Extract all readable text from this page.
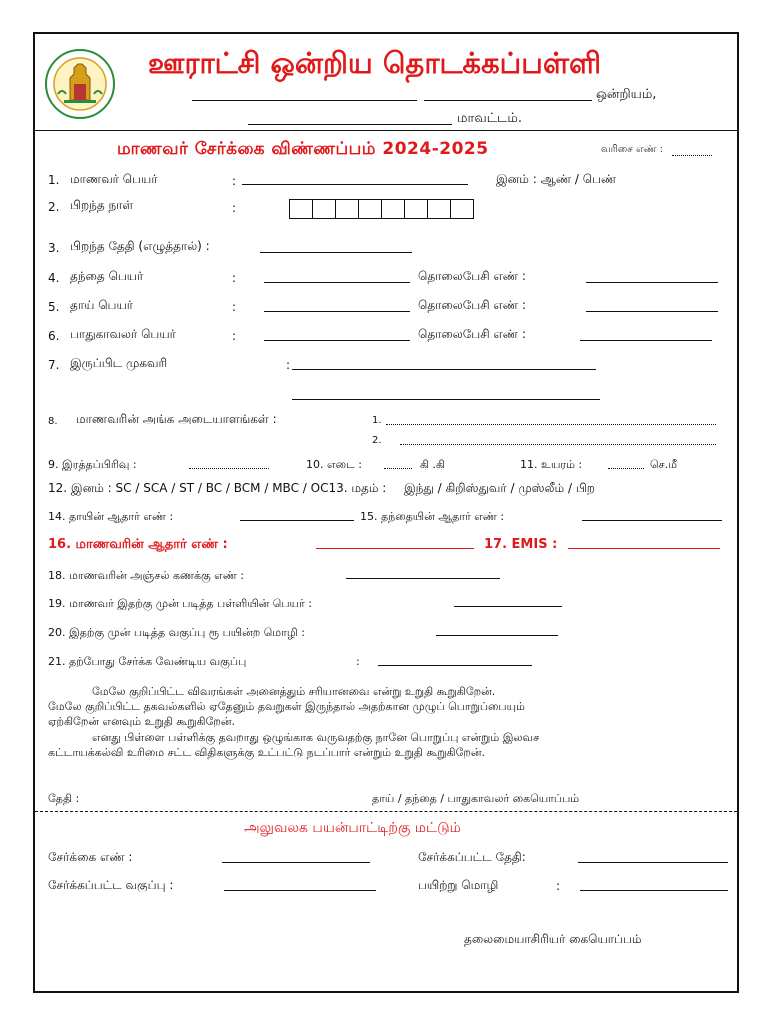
ஊராட்சி ஒன்றிய தொடக்கப்பள்ளி
ஒன்றியம்,
மாவட்டம்.
மாணவர் சேர்க்கை விண்ணப்பம் 2024-2025	வரிசை எண் :
1. மாணவர் பெயர்	:	இனம் : ஆண் / பெண்
2. பிறந்த நாள்	:
3. பிறந்த தேதி (எழுத்தால்) :
4. தந்தை பெயர்	:	தொலைபேசி எண் :
5. தாய் பெயர்	:	தொலைபேசி எண் :
6. பாதுகாவலர் பெயர்	:	தொலைபேசி எண் :
7. இருப்பிட முகவரி	:
8. மாணவரின் அங்க அடையாளங்கள் :	1.
2.
9. இரத்தப்பிரிவு :	10. எடை :	கி .கி	11. உயரம் :	செ.மீ
12. இனம் : SC / SCA / ST / BC / BCM / MBC / OC13. மதம் : இந்து / கிறிஸ்துவர் / முஸ்லீம் / பிற
14. தாயின் ஆதார் எண் :	15. தந்தையின் ஆதார் எண் :
16. மாணவரின் ஆதார் எண் :	17. EMIS :
18. மாணவரின் அஞ்சல் கணக்கு எண் :
19. மாணவர் இதற்கு முன் படித்த பள்ளியின் பெயர் :
20. இதற்கு முன் படித்த வகுப்பு ரூ பயின்ற மொழி :
21. தற்போது சேர்க்க வேண்டிய வகுப்பு	:
மேலே குறிப்பிட்ட விவரங்கள் அனைத்தும் சரியானவை என்று உறுதி கூறுகிறேன்.
மேலே குறிப்பிட்ட தகவல்களில் ஏதேனும் தவறுகள் இருந்தால் அதற்கான முழுப் பொறுப்பையும்
ஏற்கிறேன் எனவும் உறுதி கூறுகிறேன்.
எனது பிள்ளை பள்ளிக்கு தவறாது ஒழுங்காக வருவதற்கு நானே பொறுப்பு என்றும் இலவச
கட்டாயக்கல்வி உரிமை சட்ட விதிகளுக்கு உட்பட்டு நடப்பார் என்றும் உறுதி கூறுகிறேன்.
தேதி :	தாய் / தந்தை / பாதுகாவலர் கையொப்பம்
அலுவலக பயன்பாட்டிற்கு மட்டும்
சேர்க்கை எண் :	சேர்க்கப்பட்ட தேதி:
சேர்க்கப்பட்ட வகுப்பு :	பயிற்று மொழி	:
தலைமையாசிரியர் கையொப்பம்
